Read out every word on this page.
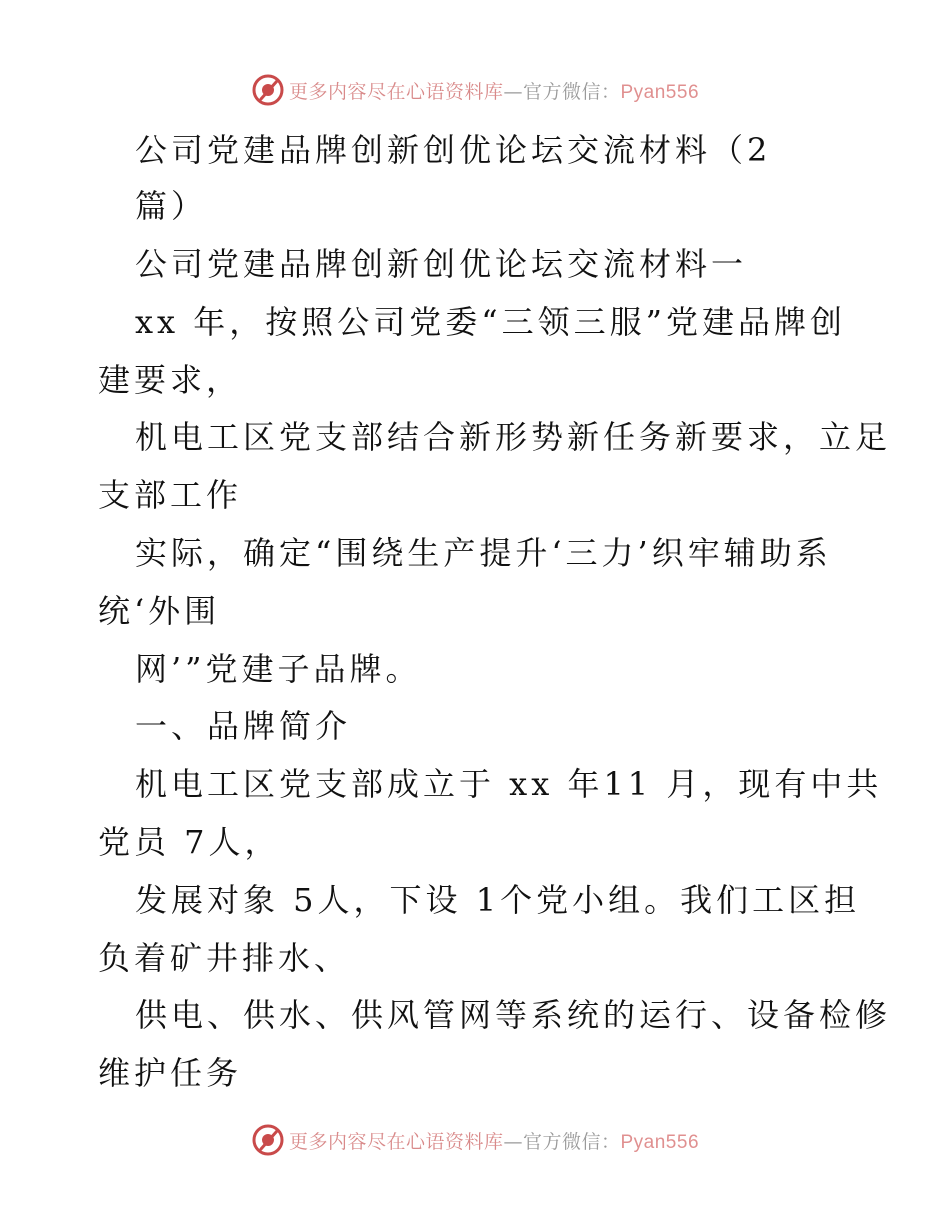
更多内容尽在心语资料库—官方微信：Pyan556
公司党建品牌创新创优论坛交流材料（2
篇）
公司党建品牌创新创优论坛交流材料一
xx 年，按照公司党委“三领三服”党建品牌创
建要求，
机电工区党支部结合新形势新任务新要求，立足
支部工作
实际，确定“围绕生产提升‘三力’织牢辅助系
统‘外围
网’”党建子品牌。
一、品牌简介
机电工区党支部成立于 xx 年11 月，现有中共
党员 7人，
发展对象 5人，下设 1个党小组。我们工区担
负着矿井排水、
供电、供水、供风管网等系统的运行、设备检修
维护任务
更多内容尽在心语资料库—官方微信：Pyan556
